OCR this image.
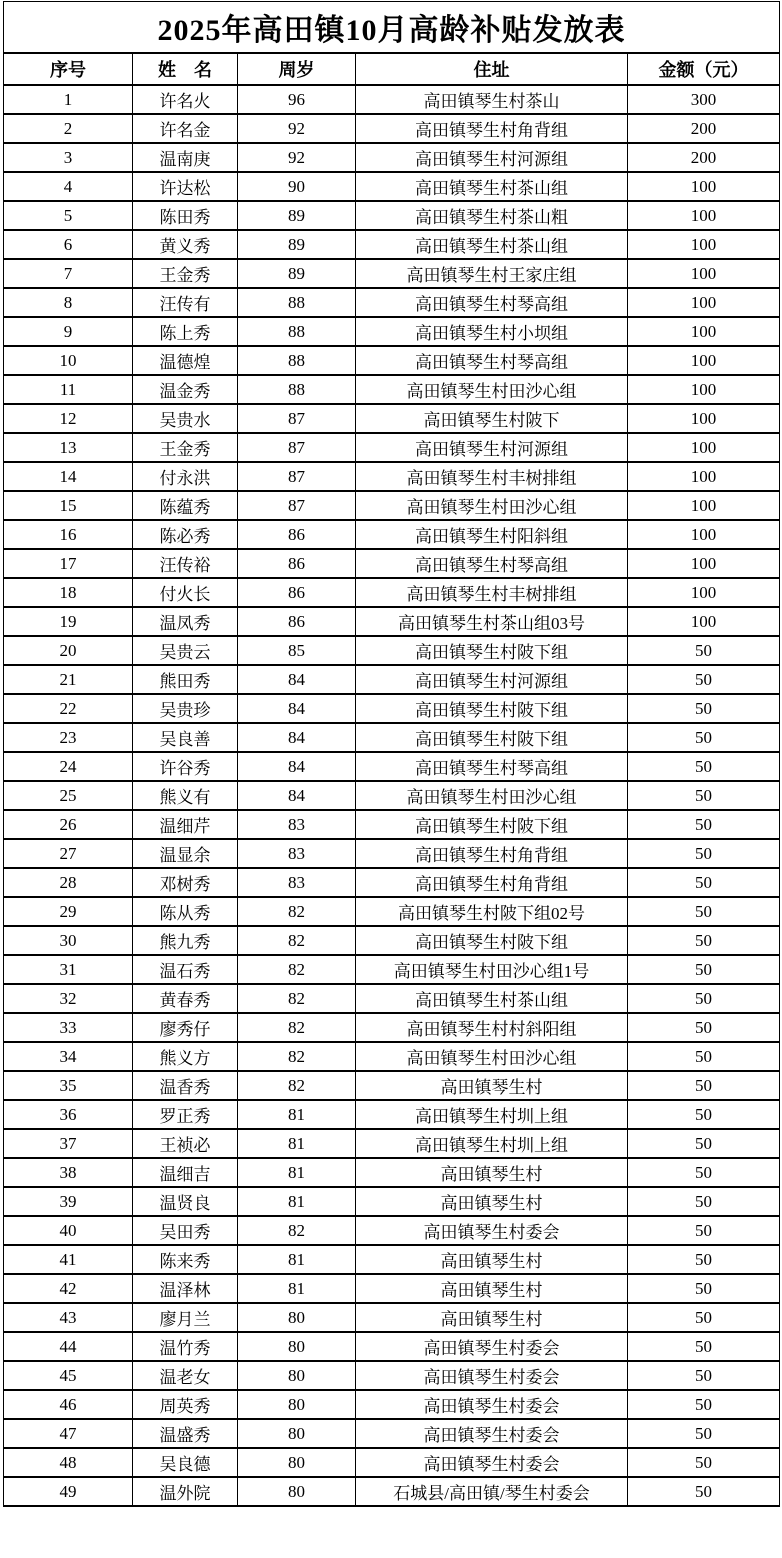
2025年高田镇10月高龄补贴发放表				
序号	姓　名	周岁	住址	金额（元）
1	许名火	96	高田镇琴生村茶山	300
2	许名金	92	高田镇琴生村角背组	200
3	温南庚	92	高田镇琴生村河源组	200
4	许达松	90	高田镇琴生村茶山组	100
5	陈田秀	89	高田镇琴生村茶山粗	100
6	黄义秀	89	高田镇琴生村茶山组	100
7	王金秀	89	高田镇琴生村王家庄组	100
8	汪传有	88	高田镇琴生村琴高组	100
9	陈上秀	88	高田镇琴生村小坝组	100
10	温德煌	88	高田镇琴生村琴高组	100
11	温金秀	88	高田镇琴生村田沙心组	100
12	吴贵水	87	高田镇琴生村陂下	100
13	王金秀	87	高田镇琴生村河源组	100
14	付永洪	87	高田镇琴生村丰树排组	100
15	陈蕴秀	87	高田镇琴生村田沙心组	100
16	陈必秀	86	高田镇琴生村阳斜组	100
17	汪传裕	86	高田镇琴生村琴高组	100
18	付火长	86	高田镇琴生村丰树排组	100
19	温凤秀	86	高田镇琴生村茶山组03号	100
20	吴贵云	85	高田镇琴生村陂下组	50
21	熊田秀	84	高田镇琴生村河源组	50
22	吴贵珍	84	高田镇琴生村陂下组	50
23	吴良善	84	高田镇琴生村陂下组	50
24	许谷秀	84	高田镇琴生村琴高组	50
25	熊义有	84	高田镇琴生村田沙心组	50
26	温细芹	83	高田镇琴生村陂下组	50
27	温显余	83	高田镇琴生村角背组	50
28	邓树秀	83	高田镇琴生村角背组	50
29	陈从秀	82	高田镇琴生村陂下组02号	50
30	熊九秀	82	高田镇琴生村陂下组	50
31	温石秀	82	高田镇琴生村田沙心组1号	50
32	黄春秀	82	高田镇琴生村茶山组	50
33	廖秀仔	82	高田镇琴生村村斜阳组	50
34	熊义方	82	高田镇琴生村田沙心组	50
35	温香秀	82	高田镇琴生村	50
36	罗正秀	81	高田镇琴生村圳上组	50
37	王祯必	81	高田镇琴生村圳上组	50
38	温细吉	81	高田镇琴生村	50
39	温贤良	81	高田镇琴生村	50
40	吴田秀	82	高田镇琴生村委会	50
41	陈来秀	81	高田镇琴生村	50
42	温泽林	81	高田镇琴生村	50
43	廖月兰	80	高田镇琴生村	50
44	温竹秀	80	高田镇琴生村委会	50
45	温老女	80	高田镇琴生村委会	50
46	周英秀	80	高田镇琴生村委会	50
47	温盛秀	80	高田镇琴生村委会	50
48	吴良德	80	高田镇琴生村委会	50
49	温外院	80	石城县/高田镇/琴生村委会	50
